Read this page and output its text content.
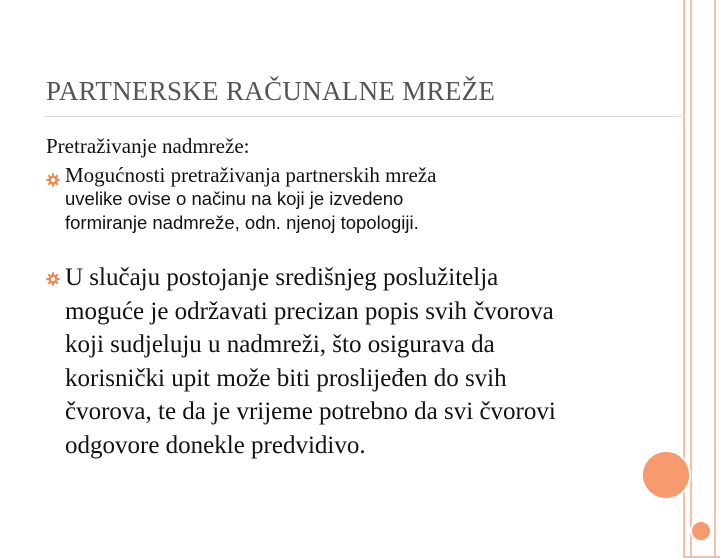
PARTNERSKE RAČUNALNE MREŽE

Pretraživanje nadmreže:

Mogućnosti pretraživanja partnerskih mreža

uvelike ovise o načinu na koji je izvedeno

formiranje nadmreže, odn. njenoj topologiji.

U slučaju postojanje središnjeg poslužitelja

moguće je održavati precizan popis svih čvorova

koji sudjeluju u nadmreži, što osigurava da

korisnički upit može biti proslijeđen do svih

čvorova, te da je vrijeme potrebno da svi čvorovi

odgovore donekle predvidivo.
